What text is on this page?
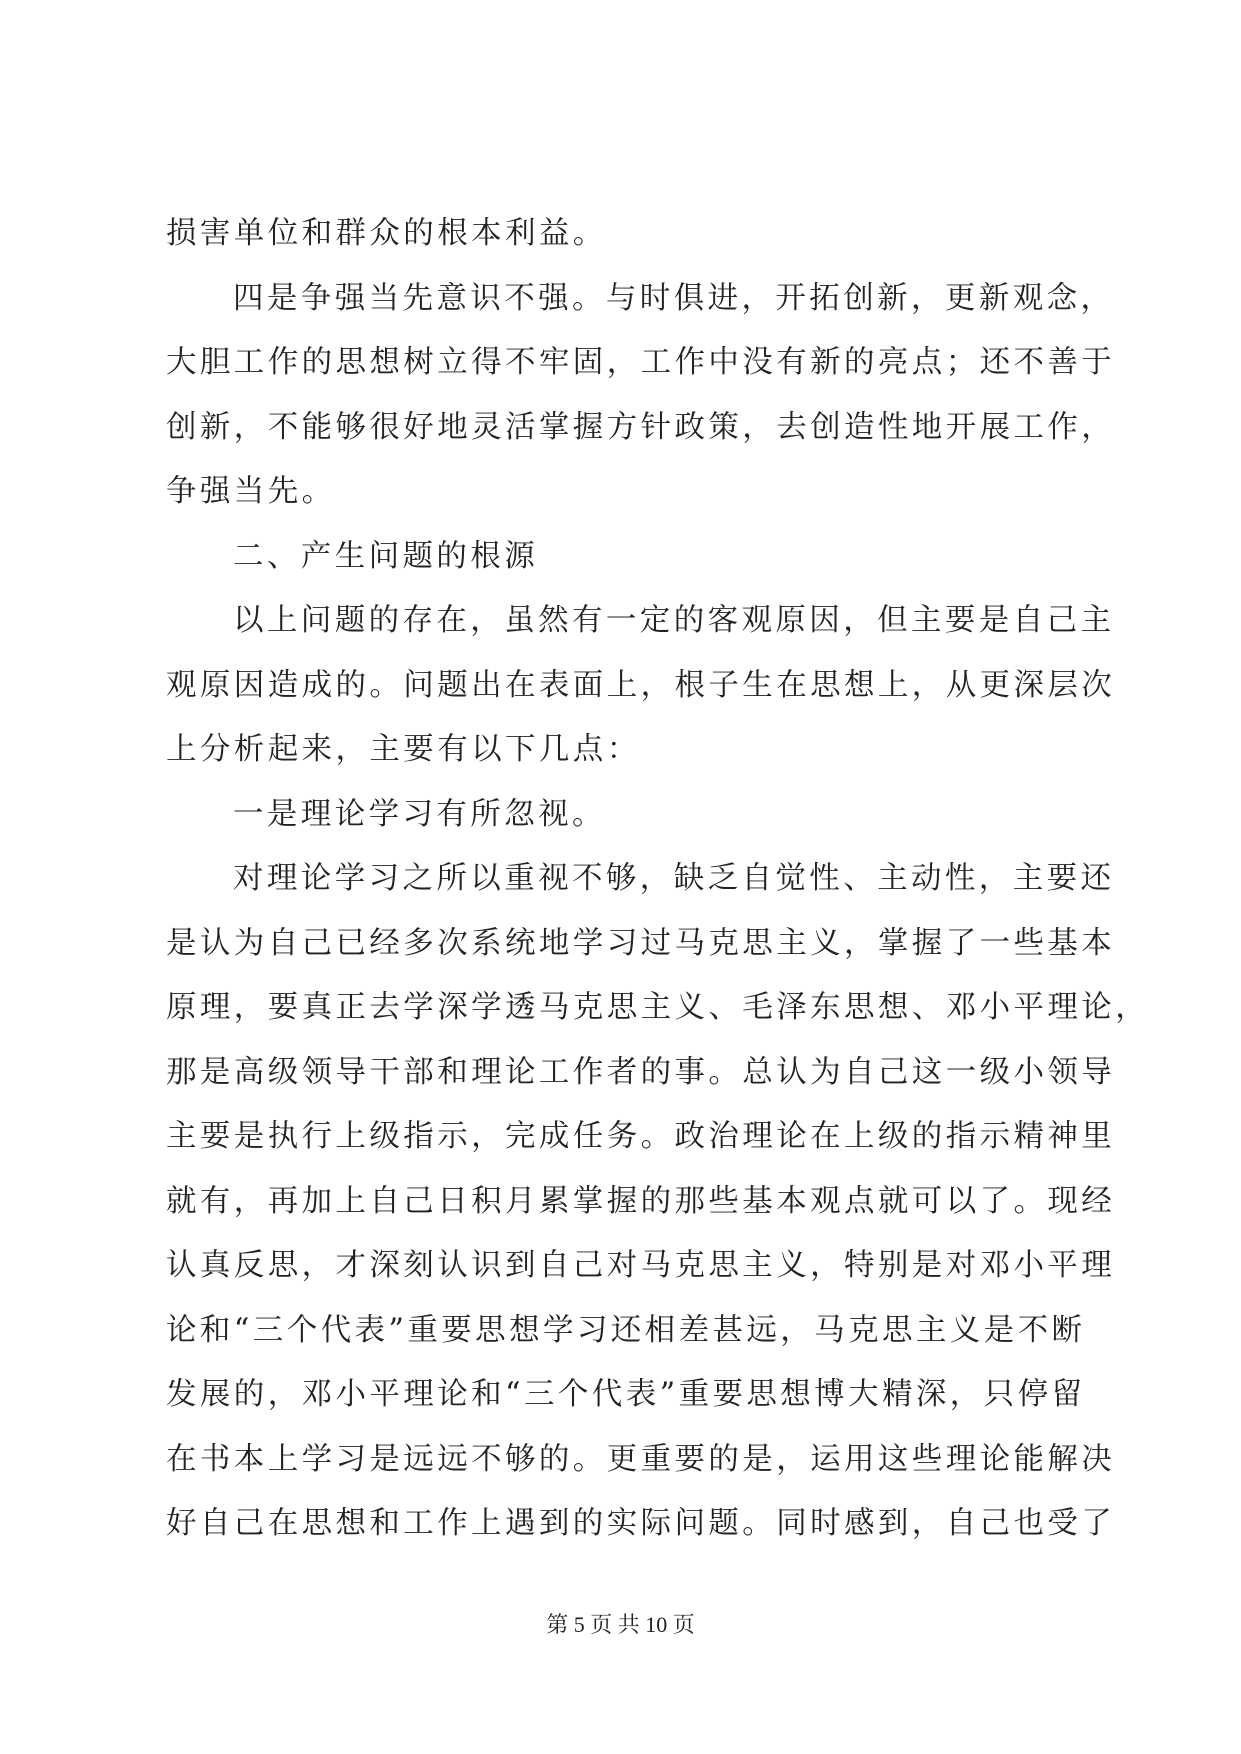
损害单位和群众的根本利益。
四是争强当先意识不强。与时俱进，开拓创新，更新观念，
大胆工作的思想树立得不牢固，工作中没有新的亮点；还不善于
创新，不能够很好地灵活掌握方针政策，去创造性地开展工作，
争强当先。
二、产生问题的根源
以上问题的存在，虽然有一定的客观原因，但主要是自己主
观原因造成的。问题出在表面上，根子生在思想上，从更深层次
上分析起来，主要有以下几点：
一是理论学习有所忽视。
对理论学习之所以重视不够，缺乏自觉性、主动性，主要还
是认为自己已经多次系统地学习过马克思主义，掌握了一些基本
原理，要真正去学深学透马克思主义、毛泽东思想、邓小平理论，
那是高级领导干部和理论工作者的事。总认为自己这一级小领导
主要是执行上级指示，完成任务。政治理论在上级的指示精神里
就有，再加上自己日积月累掌握的那些基本观点就可以了。现经
认真反思，才深刻认识到自己对马克思主义，特别是对邓小平理
论和“三个代表”重要思想学习还相差甚远，马克思主义是不断
发展的，邓小平理论和“三个代表”重要思想博大精深，只停留
在书本上学习是远远不够的。更重要的是，运用这些理论能解决
好自己在思想和工作上遇到的实际问题。同时感到，自己也受了
第 5 页 共 10 页
